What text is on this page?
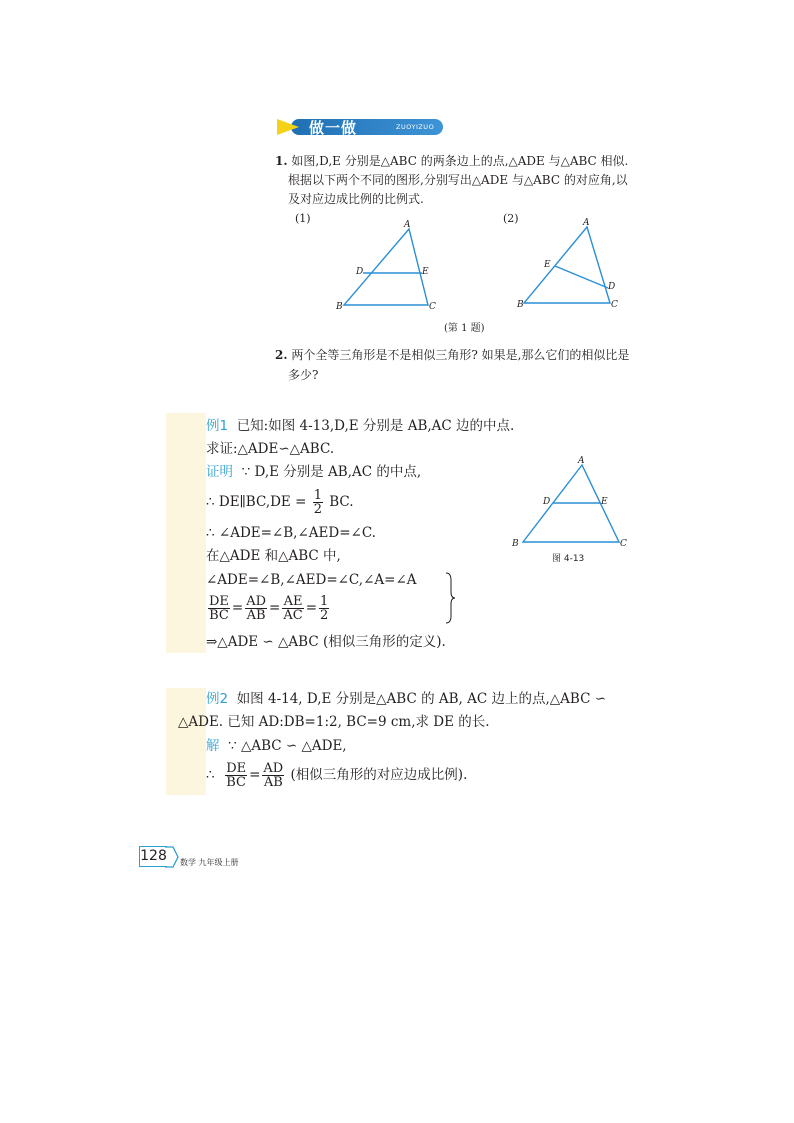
做一做	ZUOYIZUO
1. 如图,D,E 分别是△ABC 的两条边上的点,△ADE 与△ABC 相似.
根据以下两个不同的图形,分别写出△ADE 与△ABC 的对应角,以
及对应边成比例的比例式.
(1)	(2)
A
B	C
D	E
A
B	C
D
E
(第 1 题)
2. 两个全等三角形是不是相似三角形? 如果是,那么它们的相似比是
多少?
例1 已知:如图 4-13,D,E 分别是 AB,AC 边的中点.
求证:△ADE∽△ABC.
证明 ∵ D,E 分别是 AB,AC 的中点,
∴ DE∥BC,DE = $\frac{1}{2}$ BC.
∴ ∠ADE=∠B,∠AED=∠C.
在△ADE 和△ABC 中,
∠ADE=∠B,∠AED=∠C,∠A=∠A
$\frac{DE}{BC} = \frac{AD}{AB} = \frac{AE}{AC} = \frac{1}{2}$
⇒△ADE ∽ △ABC (相似三角形的定义).
A
B	C
D	E
图 4-13
例2 如图 4-14, D,E 分别是△ABC 的 AB, AC 边上的点,△ABC ∽
△ADE. 已知 AD:DB=1:2, BC=9 cm,求 DE 的长.
解 ∵ △ABC ∽ △ADE,
∴ $\frac{DE}{BC} = \frac{AD}{AB}$ (相似三角形的对应边成比例).
128 数学 九年级上册
